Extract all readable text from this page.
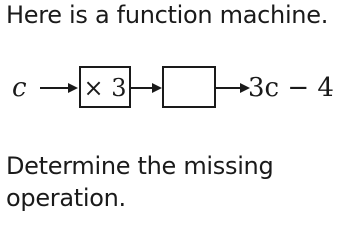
Here is a function machine.
c × 3	3c − 4
Determine the missing operation.
